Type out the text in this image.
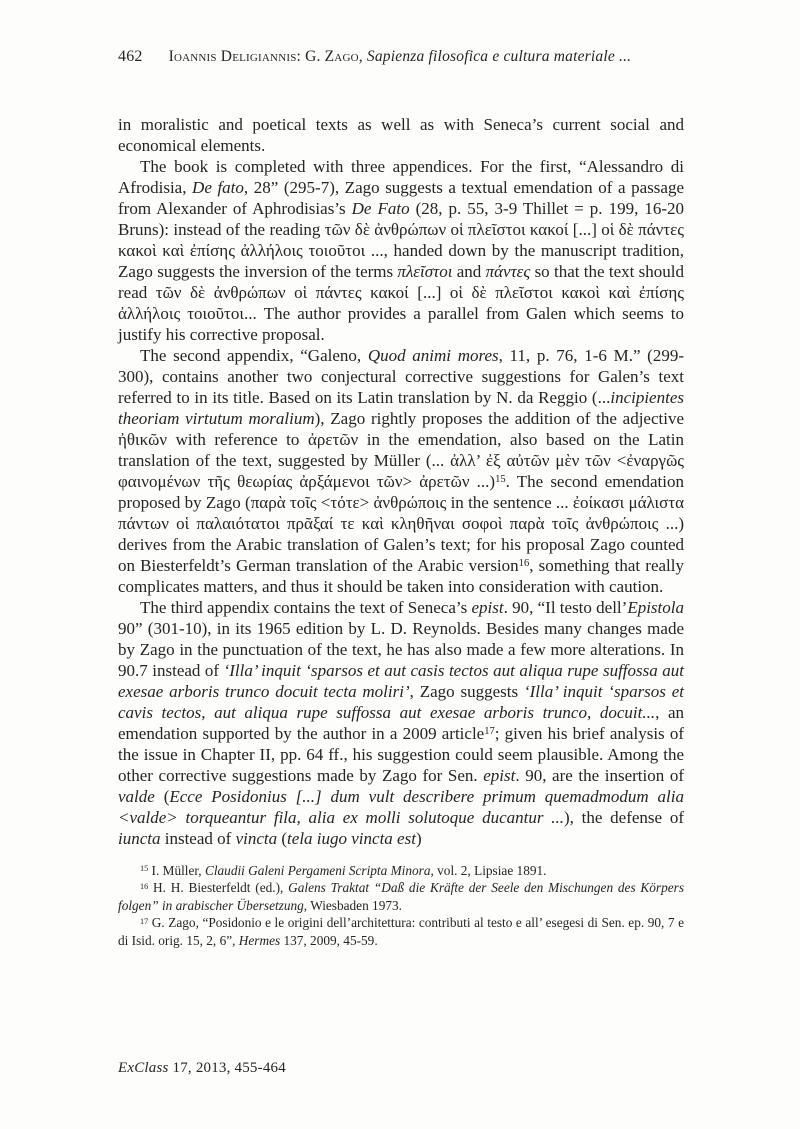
462 Ioannis Deligiannis: G. Zago, Sapienza filosofica e cultura materiale ...

in moralistic and poetical texts as well as with Seneca’s current social and economical elements.

The book is completed with three appendices. For the first, “Alessandro di Afrodisia, De fato, 28” (295-7), Zago suggests a textual emendation of a passage from Alexander of Aphrodisias’s De Fato (28, p. 55, 3-9 Thillet = p. 199, 16-20 Bruns): instead of the reading τῶν δὲ ἀνθρώπων οἱ πλεῖστοι κακοί [...] οἱ δὲ πάντες κακοὶ καὶ ἐπίσης ἀλλήλοις τοιοῦτοι ..., handed down by the manuscript tradition, Zago suggests the inversion of the terms πλεῖστοι and πάντες so that the text should read τῶν δὲ ἀνθρώπων οἱ πάντες κακοί [...] οἱ δὲ πλεῖστοι κακοὶ καὶ ἐπίσης ἀλλήλοις τοιοῦτοι... The author provides a parallel from Galen which seems to justify his corrective proposal.

The second appendix, “Galeno, Quod animi mores, 11, p. 76, 1-6 M.” (299-300), contains another two conjectural corrective suggestions for Galen’s text referred to in its title. Based on its Latin translation by N. da Reggio (...incipientes theoriam virtutum moralium), Zago rightly proposes the addition of the adjective ἠθικῶν with reference to ἀρετῶν in the emendation, also based on the Latin translation of the text, suggested by Müller (... ἀλλ’ ἐξ αὐτῶν μὲν τῶν <ἐναργῶς φαινομένων τῆς θεωρίας ἀρξάμενοι τῶν> ἀρετῶν ...)$^{15}$. The second emendation proposed by Zago (παρὰ τοῖς <τότε> ἀνθρώποις in the sentence ... ἐοίκασι μάλιστα πάντων οἱ παλαιότατοι πρᾶξαί τε καὶ κληθῆναι σοφοὶ παρὰ τοῖς ἀνθρώποις ...) derives from the Arabic translation of Galen’s text; for his proposal Zago counted on Biesterfeldt’s German translation of the Arabic version$^{16}$, something that really complicates matters, and thus it should be taken into consideration with caution.

The third appendix contains the text of Seneca’s epist. 90, “Il testo dell’Epistola 90” (301-10), in its 1965 edition by L. D. Reynolds. Besides many changes made by Zago in the punctuation of the text, he has also made a few more alterations. In 90.7 instead of ‘Illa’ inquit ‘sparsos et aut casis tectos aut aliqua rupe suffossa aut exesae arboris trunco docuit tecta moliri’, Zago suggests ‘Illa’ inquit ‘sparsos et cavis tectos, aut aliqua rupe suffossa aut exesae arboris trunco, docuit..., an emendation supported by the author in a 2009 article$^{17}$; given his brief analysis of the issue in Chapter II, pp. 64 ff., his suggestion could seem plausible. Among the other corrective suggestions made by Zago for Sen. epist. 90, are the insertion of valde (Ecce Posidonius [...] dum vult describere primum quemadmodum alia <valde> torqueantur fila, alia ex molli solutoque ducantur ...), the defense of iuncta instead of vincta (tela iugo vincta est)

$^{15}$ I. Müller, Claudii Galeni Pergameni Scripta Minora, vol. 2, Lipsiae 1891.

$^{16}$ H. H. Biesterfeldt (ed.), Galens Traktat “Daß die Kräfte der Seele den Mischungen des Körpers folgen” in arabischer Übersetzung, Wiesbaden 1973.

$^{17}$ G. Zago, “Posidonio e le origini dell’architettura: contributi al testo e all’ esegesi di Sen. ep. 90, 7 e di Isid. orig. 15, 2, 6”, Hermes 137, 2009, 45-59.

ExClass 17, 2013, 455-464
